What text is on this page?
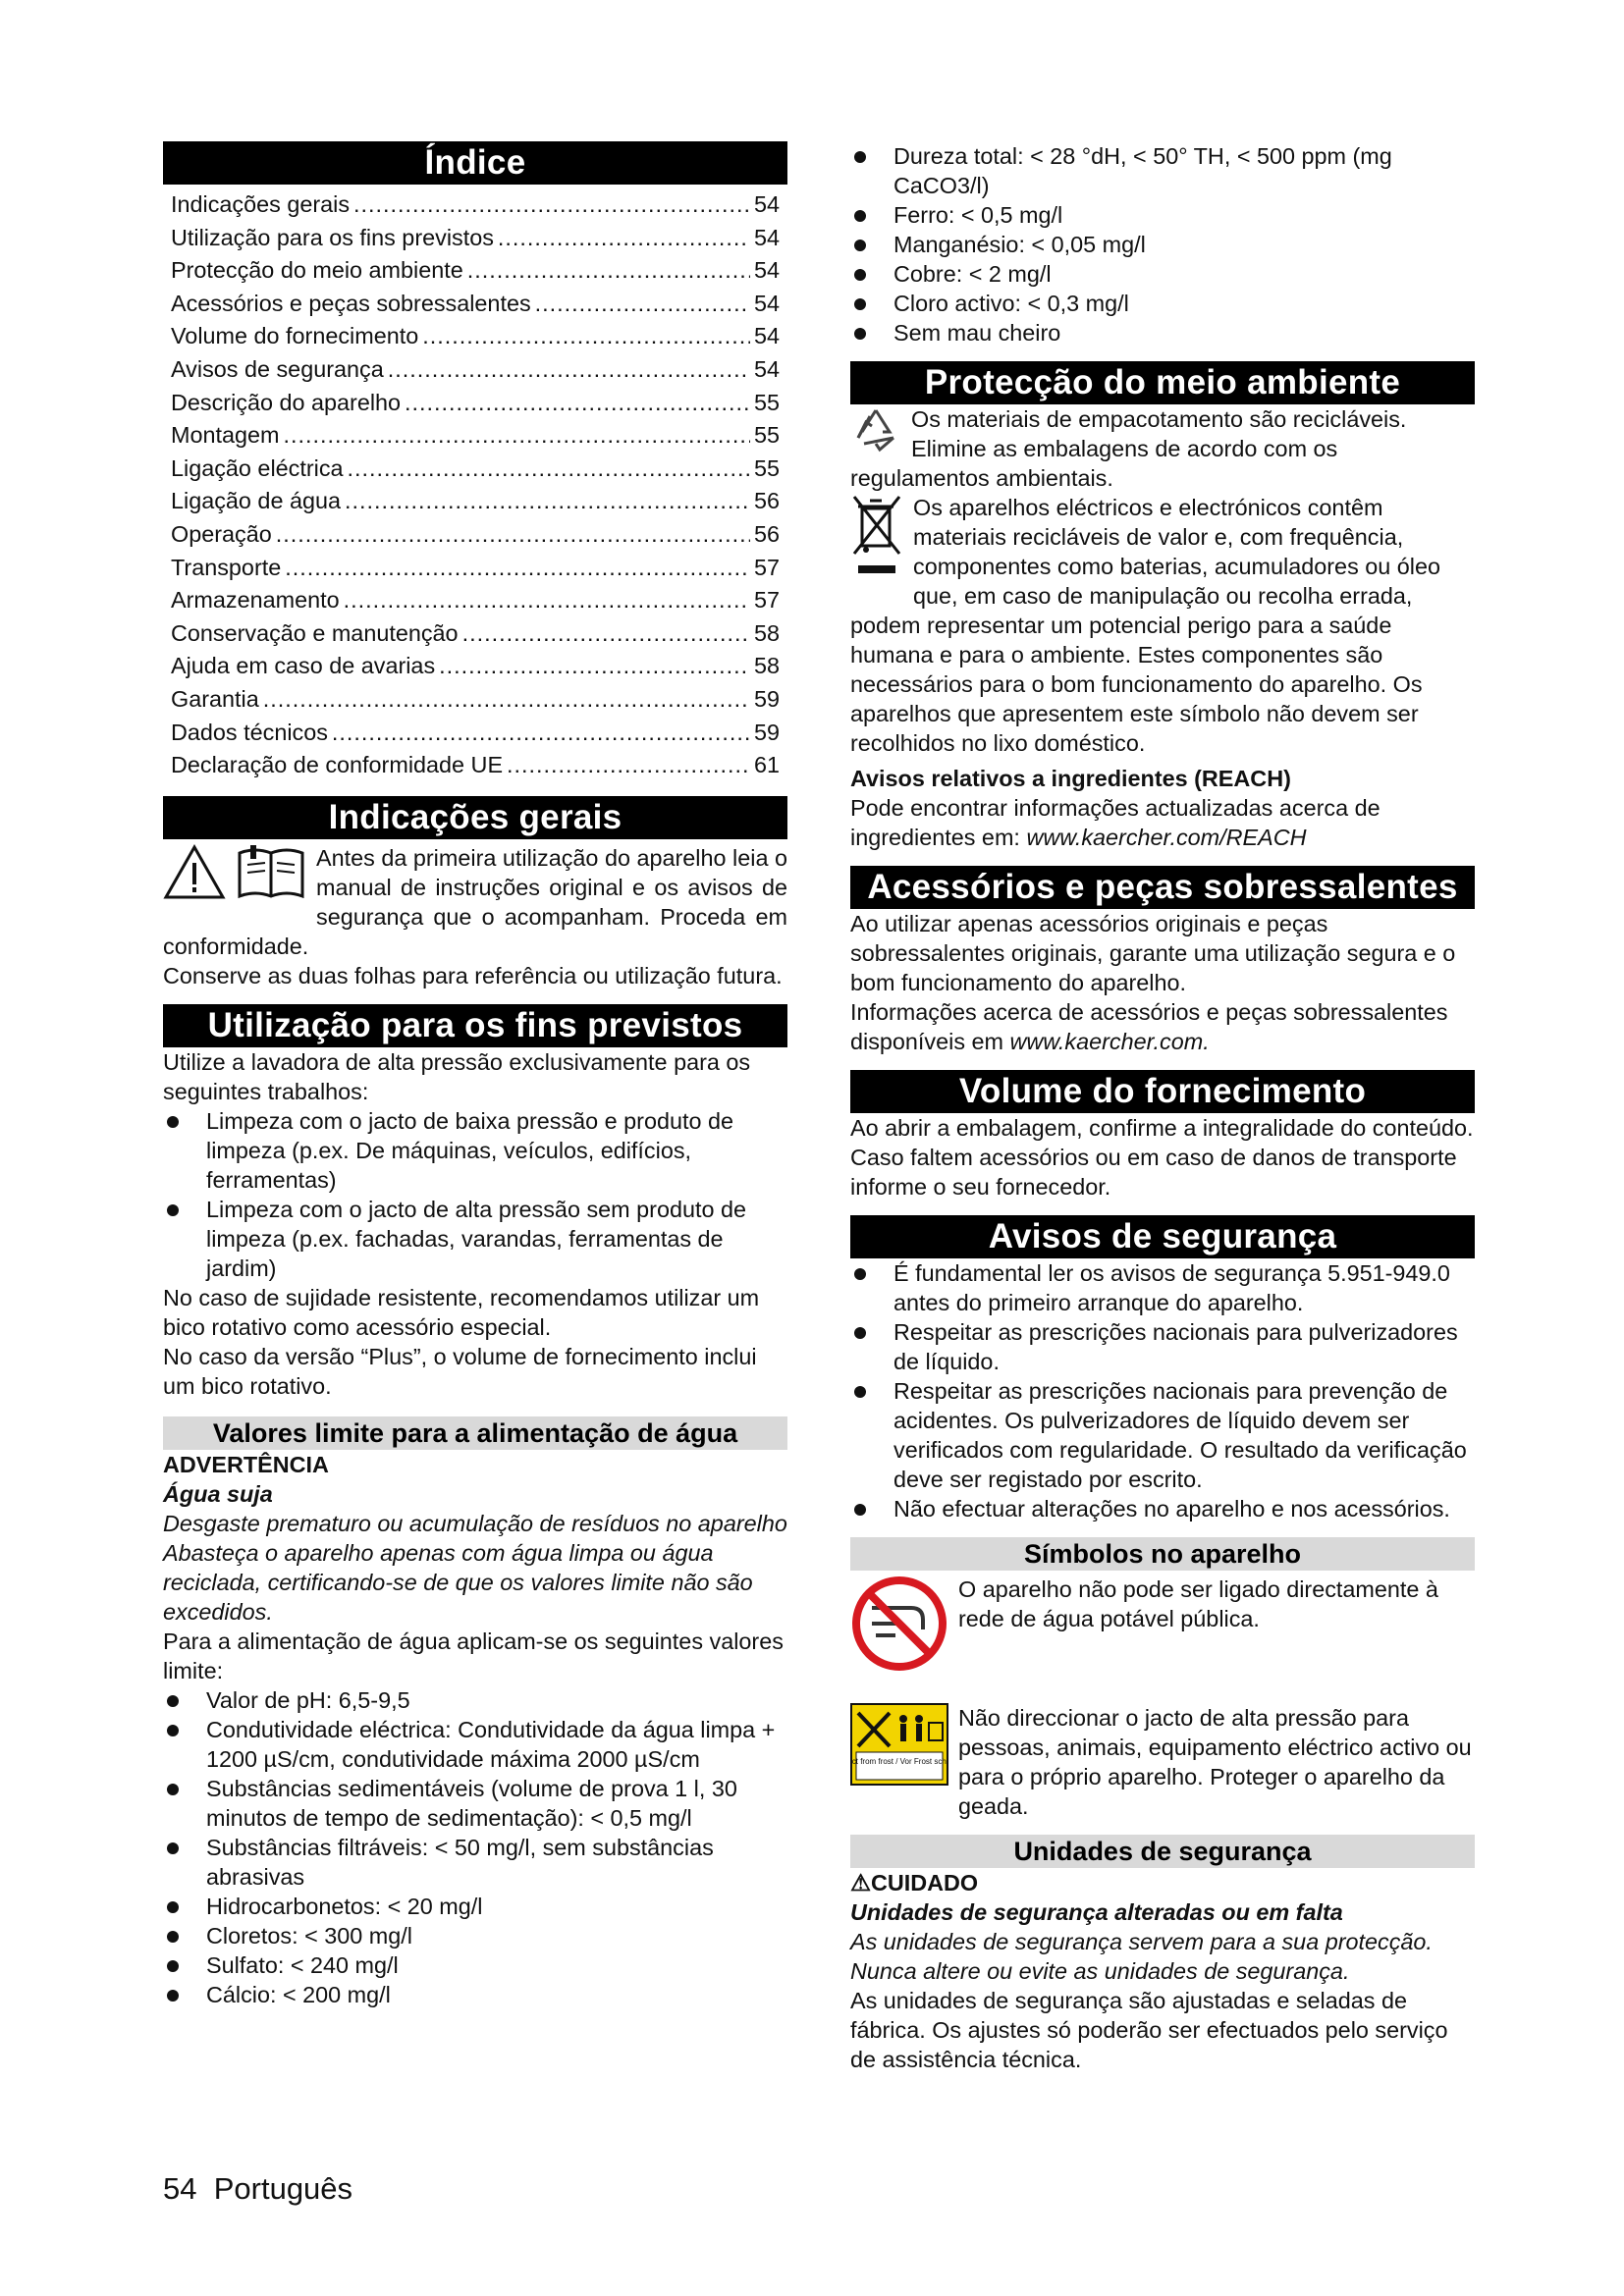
Índice
Indicações gerais .....	54
Utilização para os fins previstos .....	54
Protecção do meio ambiente .....	54
Acessórios e peças sobressalentes .....	54
Volume do fornecimento .....	54
Avisos de segurança .....	54
Descrição do aparelho .....	55
Montagem .....	55
Ligação eléctrica .....	55
Ligação de água .....	56
Operação .....	56
Transporte .....	57
Armazenamento .....	57
Conservação e manutenção .....	58
Ajuda em caso de avarias .....	58
Garantia .....	59
Dados técnicos .....	59
Declaração de conformidade UE .....	61
Indicações gerais

Antes da primeira utilização do aparelho leia o manual de instruções original e os avisos de segurança que o acompanham. Proceda em conformidade.

Conserve as duas folhas para referência ou utilização futura.

Utilização para os fins previstos

Utilize a lavadora de alta pressão exclusivamente para os seguintes trabalhos:

Limpeza com o jacto de baixa pressão e produto de limpeza (p.ex. De máquinas, veículos, edifícios, ferramentas)
Limpeza com o jacto de alta pressão sem produto de limpeza (p.ex. fachadas, varandas, ferramentas de jardim)

No caso de sujidade resistente, recomendamos utilizar um bico rotativo como acessório especial.

No caso da versão “Plus”, o volume de fornecimento inclui um bico rotativo.

Valores limite para a alimentação de água

ADVERTÊNCIA

Água suja

Desgaste prematuro ou acumulação de resíduos no aparelho

Abasteça o aparelho apenas com água limpa ou água reciclada, certificando-se de que os valores limite não são excedidos.

Para a alimentação de água aplicam-se os seguintes valores limite:

Valor de pH: 6,5-9,5
Condutividade eléctrica: Condutividade da água limpa + 1200 µS/cm, condutividade máxima 2000 µS/cm
Substâncias sedimentáveis (volume de prova 1 l, 30 minutos de tempo de sedimentação): < 0,5 mg/l
Substâncias filtráveis: < 50 mg/l, sem substâncias abrasivas
Hidrocarbonetos: < 20 mg/l
Cloretos: < 300 mg/l
Sulfato: < 240 mg/l
Cálcio: < 200 mg/l
Dureza total: < 28 °dH, < 50° TH, < 500 ppm (mg CaCO3/l)
Ferro: < 0,5 mg/l
Manganésio: < 0,05 mg/l
Cobre: < 2 mg/l
Cloro activo: < 0,3 mg/l
Sem mau cheiro
Protecção do meio ambiente

Os materiais de empacotamento são recicláveis. Elimine as embalagens de acordo com os regulamentos ambientais.

Os aparelhos eléctricos e electrónicos contêm materiais recicláveis de valor e, com frequência, componentes como baterias, acumuladores ou óleo que, em caso de manipulação ou recolha errada, podem representar um potencial perigo para a saúde humana e para o ambiente. Estes componentes são necessários para o bom funcionamento do aparelho. Os aparelhos que apresentem este símbolo não devem ser recolhidos no lixo doméstico.

Avisos relativos a ingredientes (REACH)

Pode encontrar informações actualizadas acerca de ingredientes em: www.kaercher.com/REACH

Acessórios e peças sobressalentes

Ao utilizar apenas acessórios originais e peças sobressalentes originais, garante uma utilização segura e o bom funcionamento do aparelho.

Informações acerca de acessórios e peças sobressalentes disponíveis em www.kaercher.com.

Volume do fornecimento

Ao abrir a embalagem, confirme a integralidade do conteúdo. Caso faltem acessórios ou em caso de danos de transporte informe o seu fornecedor.

Avisos de segurança
É fundamental ler os avisos de segurança 5.951-949.0 antes do primeiro arranque do aparelho.
Respeitar as prescrições nacionais para pulverizadores de líquido.
Respeitar as prescrições nacionais para prevenção de acidentes. Os pulverizadores de líquido devem ser verificados com regularidade. O resultado da verificação deve ser registado por escrito.
Não efectuar alterações no aparelho e nos acessórios.
Símbolos no aparelho

O aparelho não pode ser ligado directamente à rede de água potável pública.

ct from frost / Vor Frost sch

Não direccionar o jacto de alta pressão para pessoas, animais, equipamento eléctrico activo ou para o próprio aparelho. Proteger o aparelho da geada.

Unidades de segurança

⚠CUIDADO

Unidades de segurança alteradas ou em falta

As unidades de segurança servem para a sua protecção.

Nunca altere ou evite as unidades de segurança.

As unidades de segurança são ajustadas e seladas de fábrica. Os ajustes só poderão ser efectuados pelo serviço de assistência técnica.

54 Português
